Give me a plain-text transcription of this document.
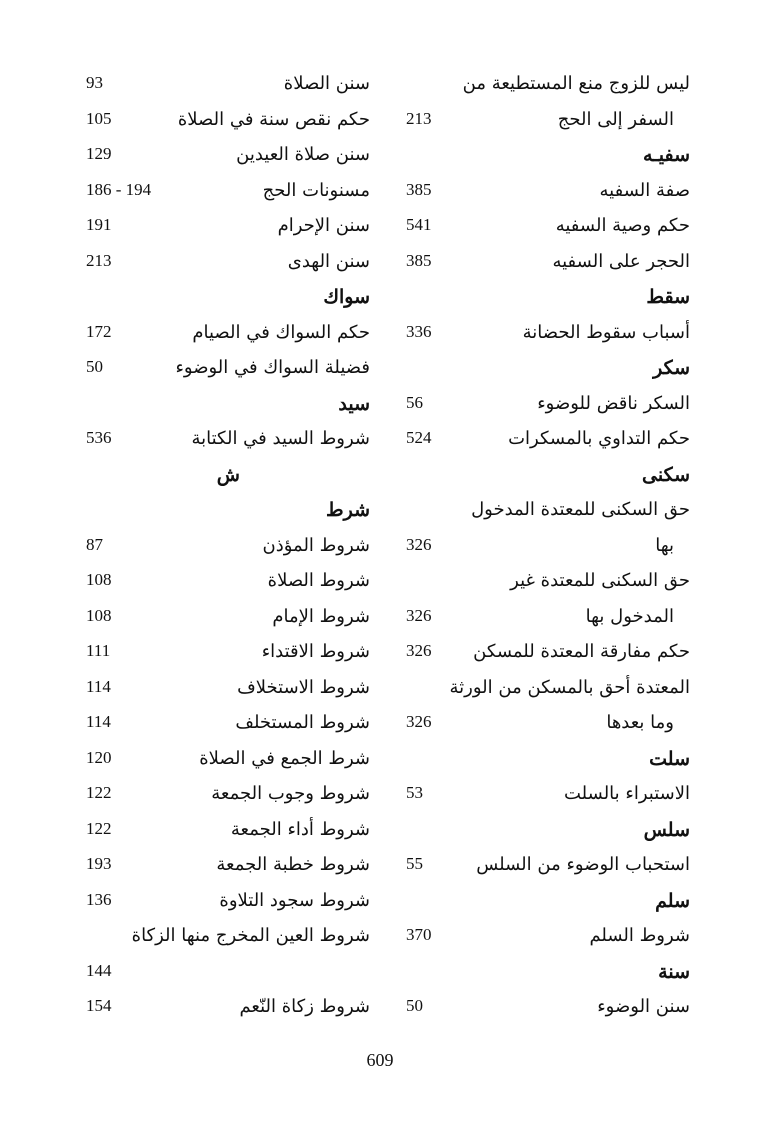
ليس للزوج منع المستطيعة من
السفر إلى الحج
213
سفيـه
صفة السفيه
385
حكم وصية السفيه
541
الحجر على السفيه
385
سقط
أسباب سقوط الحضانة
336
سكر
السكر ناقض للوضوء
56
حكم التداوي بالمسكرات
524
سكنى
حق السكنى للمعتدة المدخول
بها
326
حق السكنى للمعتدة غير
المدخول بها
326
حكم مفارقة المعتدة للمسكن
326
المعتدة أحق بالمسكن من الورثة
وما بعدها
326
سلت
الاستبراء بالسلت
53
سلس
استحباب الوضوء من السلس
55
سلم
شروط السلم
370
سنة
سنن الوضوء
50
سنن الصلاة
93
حكم نقص سنة في الصلاة
105
سنن صلاة العيدين
129
مسنونات الحج
186 - 194
سنن الإحرام
191
سنن الهدى
213
سواك
حكم السواك في الصيام
172
فضيلة السواك في الوضوء
50
سيد
شروط السيد في الكتابة
536
ش
شرط
شروط المؤذن
87
شروط الصلاة
108
شروط الإمام
108
شروط الاقتداء
111
شروط الاستخلاف
114
شروط المستخلف
114
شرط الجمع في الصلاة
120
شروط وجوب الجمعة
122
شروط أداء الجمعة
122
شروط خطبة الجمعة
193
شروط سجود التلاوة
136
شروط العين المخرج منها الزكاة
144
شروط زكاة النّعم
154
609
